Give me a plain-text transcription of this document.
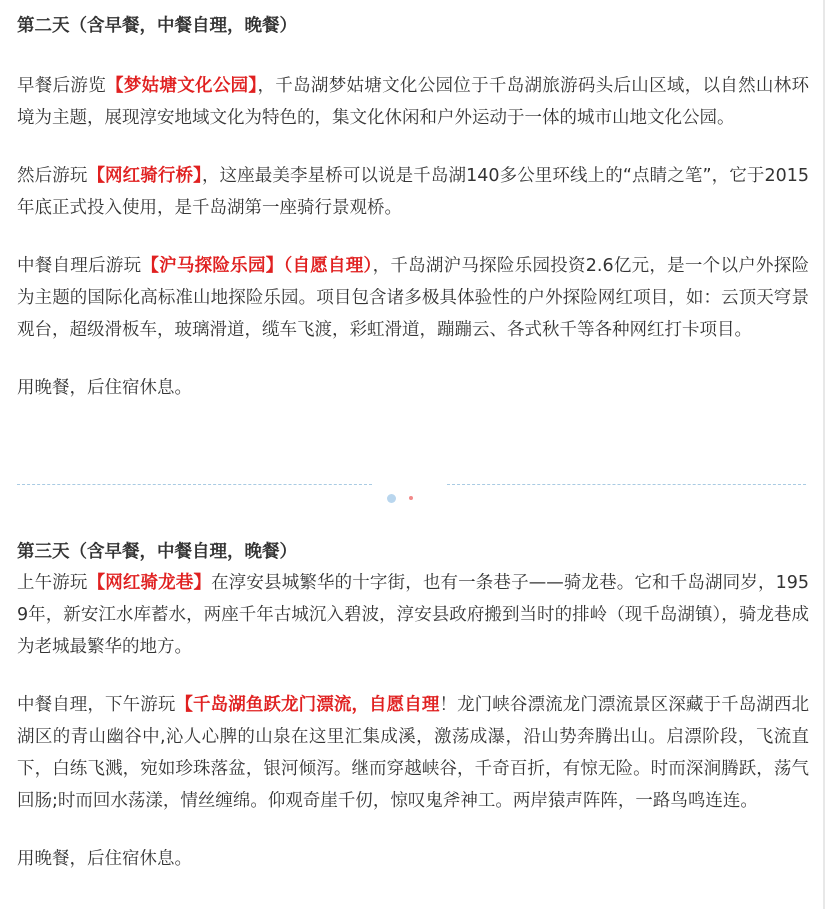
第二天（含早餐，中餐自理，晚餐）

早餐后游览【梦姑塘文化公园】，千岛湖梦姑塘文化公园位于千岛湖旅游码头后山区域，以自然山林环境为主题，展现淳安地域文化为特色的，集文化休闲和户外运动于一体的城市山地文化公园。

然后游玩【网红骑行桥】，这座最美李星桥可以说是千岛湖140多公里环线上的“点睛之笔”，它于2015年底正式投入使用，是千岛湖第一座骑行景观桥。

中餐自理后游玩【沪马探险乐园】（自愿自理），千岛湖沪马探险乐园投资2.6亿元，是一个以户外探险为主题的国际化高标准山地探险乐园。项目包含诸多极具体验性的户外探险网红项目，如：云顶天穹景观台，超级滑板车，玻璃滑道，缆车飞渡，彩虹滑道，蹦蹦云、各式秋千等各种网红打卡项目。

用晚餐，后住宿休息。

第三天（含早餐，中餐自理，晚餐）

上午游玩【网红骑龙巷】在淳安县城繁华的十字街，也有一条巷子——骑龙巷。它和千岛湖同岁，1959年，新安江水库蓄水，两座千年古城沉入碧波，淳安县政府搬到当时的排岭（现千岛湖镇），骑龙巷成为老城最繁华的地方。

中餐自理，下午游玩【千岛湖鱼跃龙门漂流，自愿自理！龙门峡谷漂流龙门漂流景区深藏于千岛湖西北湖区的青山幽谷中,沁人心脾的山泉在这里汇集成溪，激荡成瀑，沿山势奔腾出山。启漂阶段，飞流直下，白练飞溅，宛如珍珠落盆，银河倾泻。继而穿越峡谷，千奇百折，有惊无险。时而深涧腾跃，荡气回肠;时而回水荡漾，情丝缠绵。仰观奇崖千仞，惊叹鬼斧神工。两岸猿声阵阵，一路鸟鸣连连。

用晚餐，后住宿休息。
